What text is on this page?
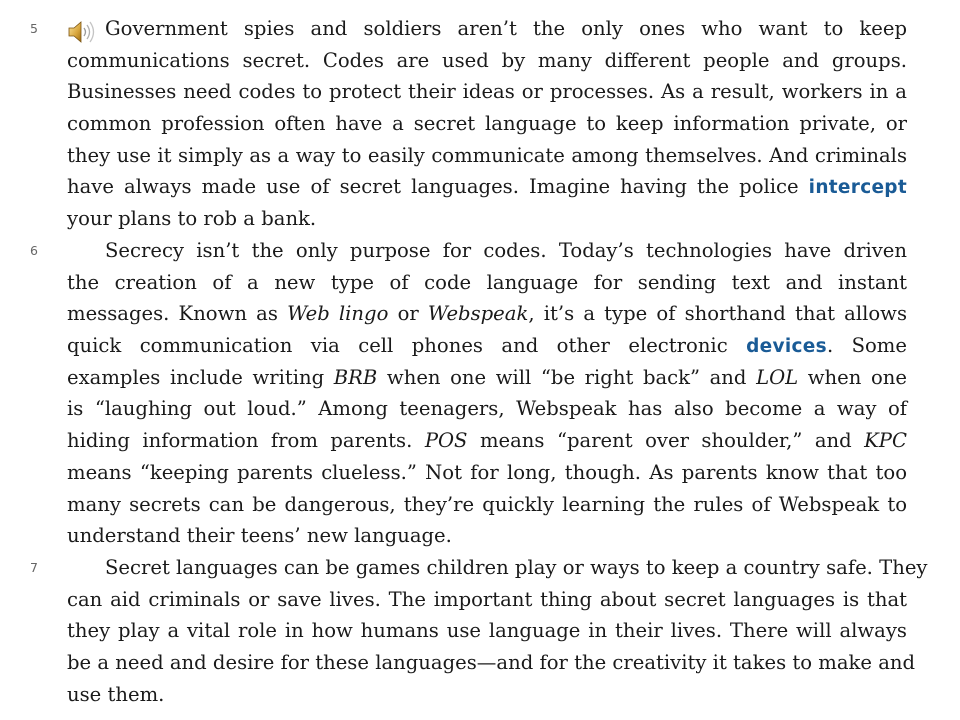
5	Government spies and soldiers aren’t the only ones who want to keep
communications secret. Codes are used by many different people and groups.
Businesses need codes to protect their ideas or processes. As a result, workers in a
common profession often have a secret language to keep information private, or
they use it simply as a way to easily communicate among themselves. And criminals
have always made use of secret languages. Imagine having the police intercept
your plans to rob a bank.
6	Secrecy isn’t the only purpose for codes. Today’s technologies have driven
the creation of a new type of code language for sending text and instant
messages. Known as Web lingo or Webspeak, it’s a type of shorthand that allows
quick communication via cell phones and other electronic devices. Some
examples include writing BRB when one will “be right back” and LOL when one
is “laughing out loud.” Among teenagers, Webspeak has also become a way of
hiding information from parents. POS means “parent over shoulder,” and KPC
means “keeping parents clueless.” Not for long, though. As parents know that too
many secrets can be dangerous, they’re quickly learning the rules of Webspeak to
understand their teens’ new language.
7	Secret languages can be games children play or ways to keep a country safe. They
can aid criminals or save lives. The important thing about secret languages is that
they play a vital role in how humans use language in their lives. There will always
be a need and desire for these languages—and for the creativity it takes to make and
use them.
